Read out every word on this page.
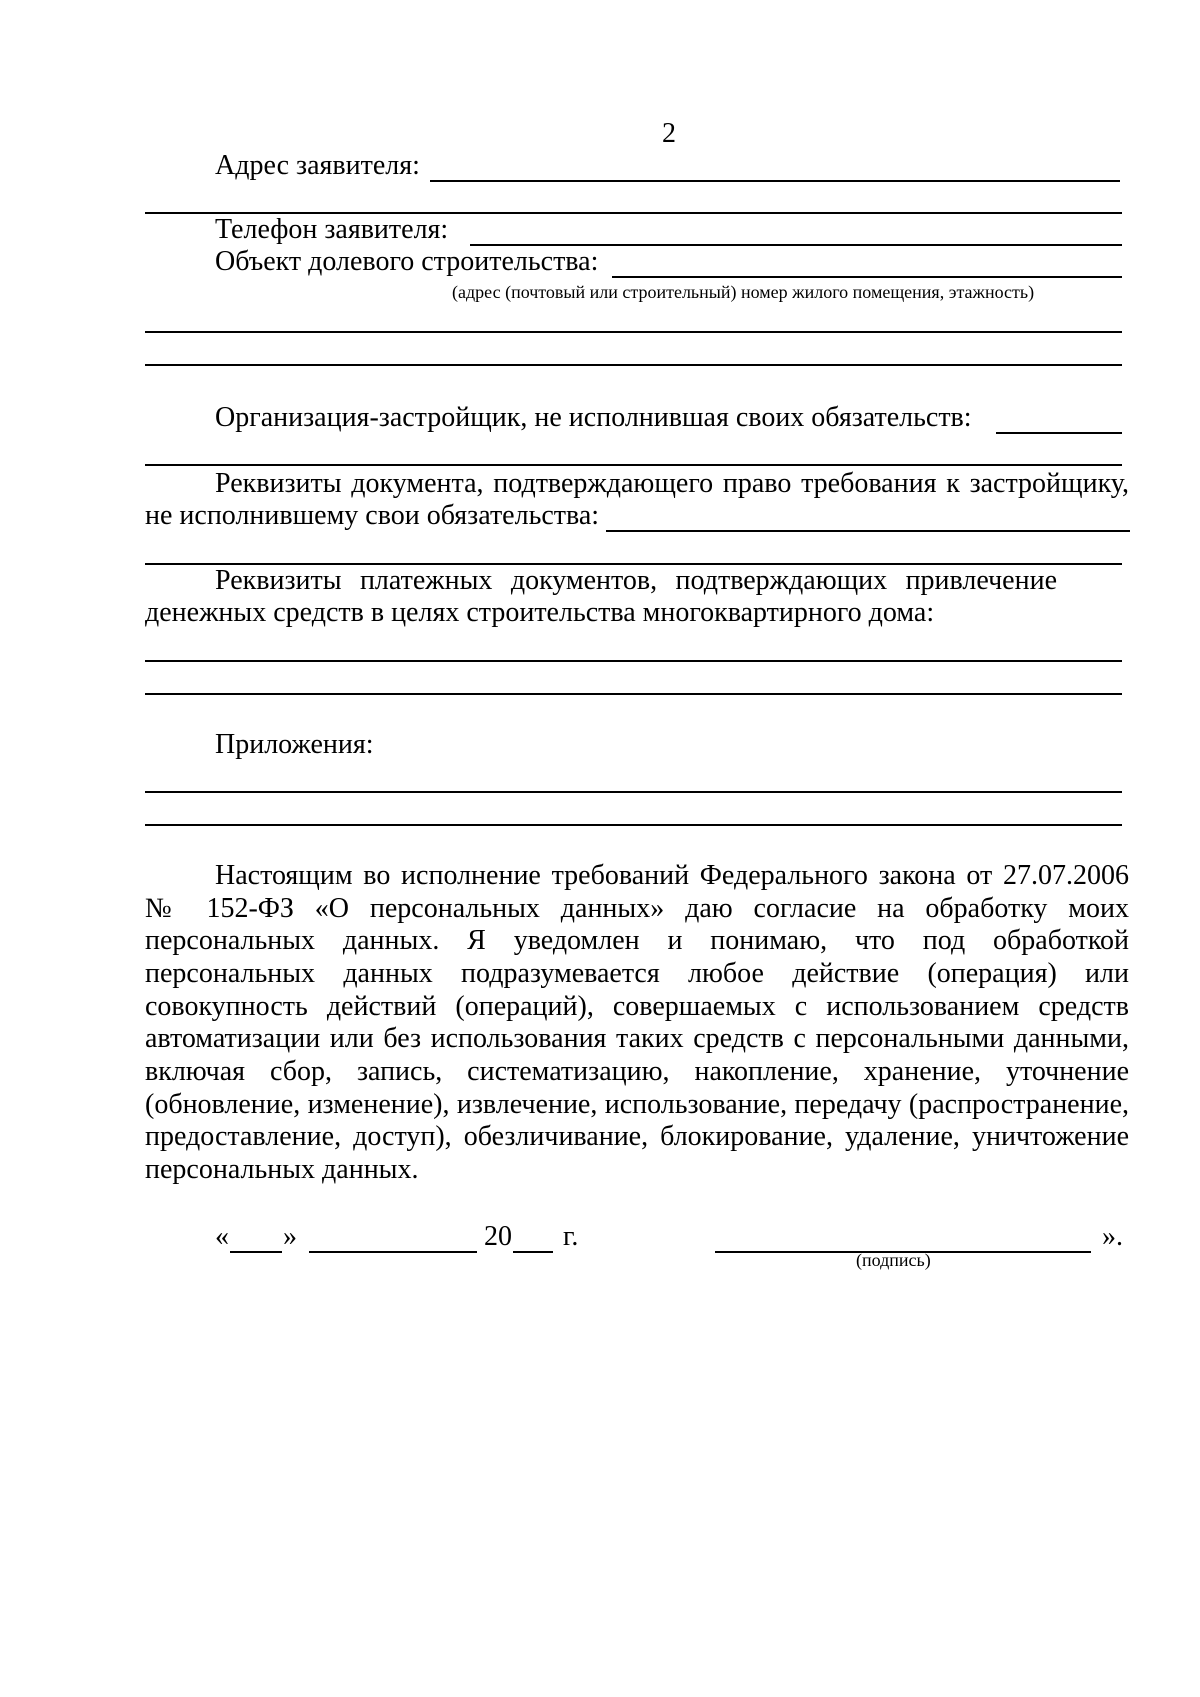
2
Адрес заявителя:
Телефон заявителя:
Объект долевого строительства:
(адрес (почтовый или строительный) номер жилого помещения, этажность)
Организация-застройщик, не исполнившая своих обязательств:
Реквизиты документа, подтверждающего право требования к застройщику,
не исполнившему свои обязательства:
Реквизиты платежных документов, подтверждающих привлечение
денежных средств в целях строительства многоквартирного дома:
Приложения:
Настоящим во исполнение требований Федерального закона от 27.07.2006
№ 152-ФЗ «О персональных данных» даю согласие на обработку моих
персональных данных. Я уведомлен и понимаю, что под обработкой
персональных данных подразумевается любое действие (операция) или
совокупность действий (операций), совершаемых с использованием средств
автоматизации или без использования таких средств с персональными данными,
включая сбор, запись, систематизацию, накопление, хранение, уточнение
(обновление, изменение), извлечение, использование, передачу (распространение,
предоставление, доступ), обезличивание, блокирование, удаление, уничтожение
персональных данных.
« »	20 г.	».
(подпись)
